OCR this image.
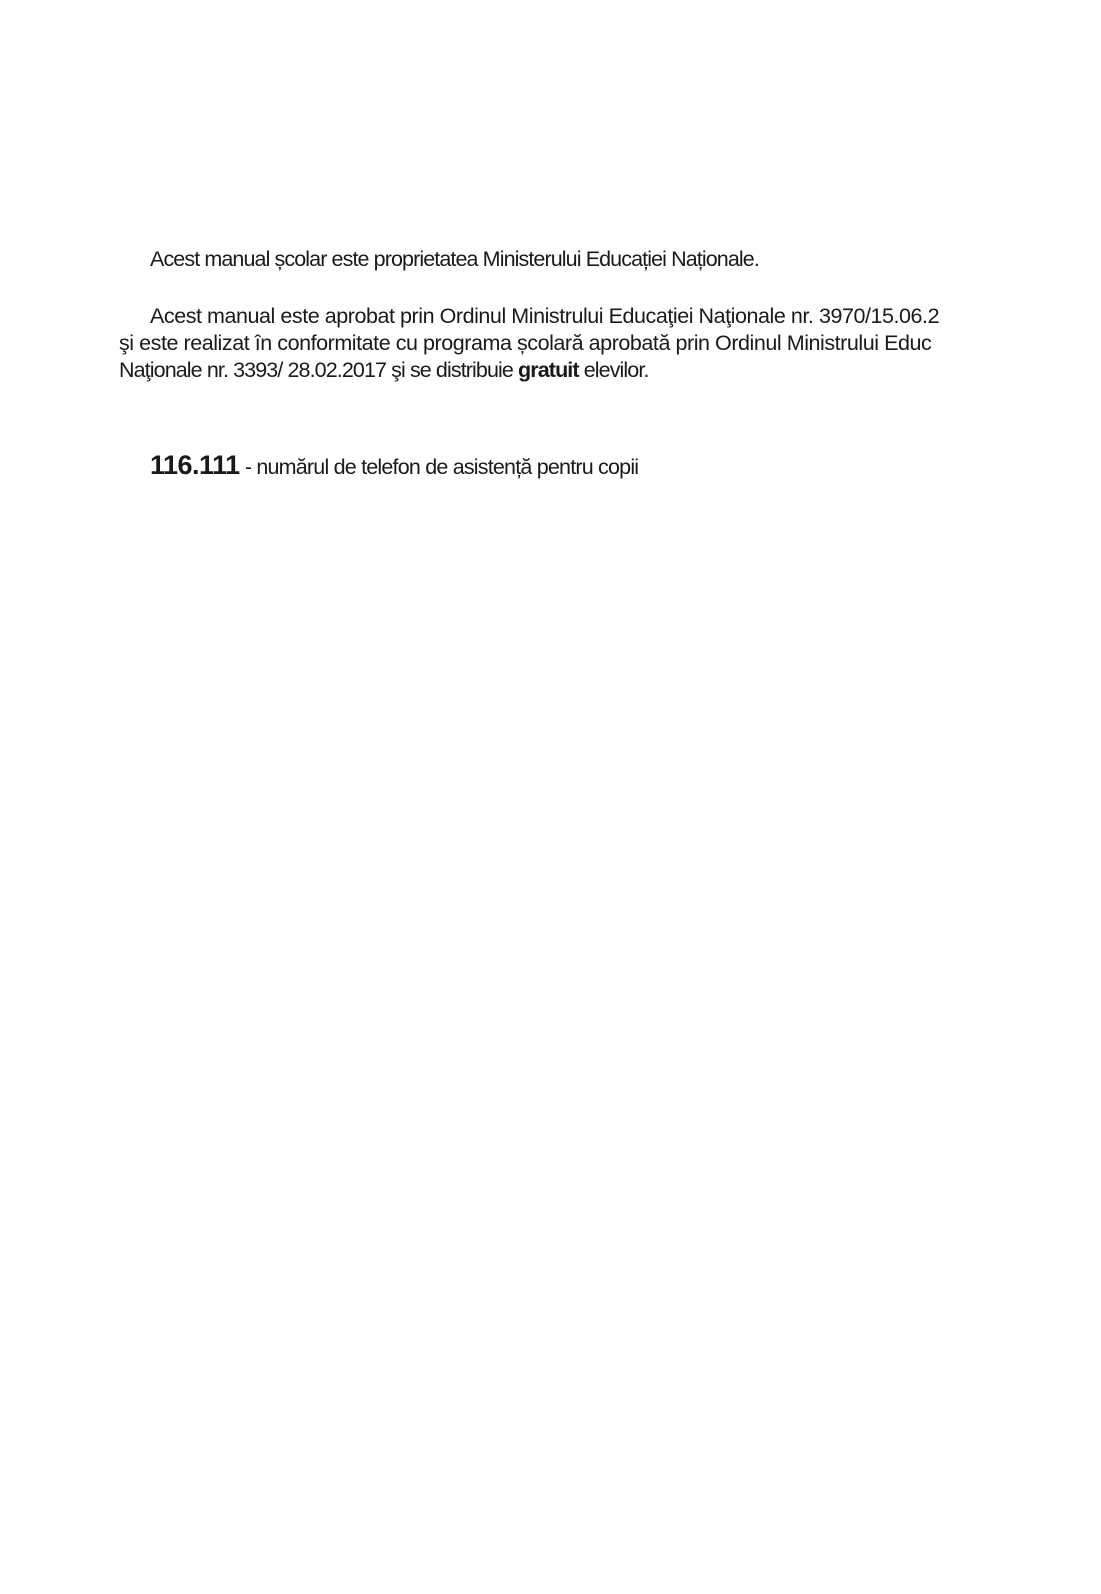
Acest manual școlar este proprietatea Ministerului Educației Naționale.
Acest manual este aprobat prin Ordinul Ministrului Educaţiei Naţionale nr. 3970/15.06.2
şi este realizat în conformitate cu programa școlară aprobată prin Ordinul Ministrului Educ
Naţionale nr. 3393/ 28.02.2017 şi se distribuie gratuit elevilor.
116.111 - numărul de telefon de asistență pentru copii
